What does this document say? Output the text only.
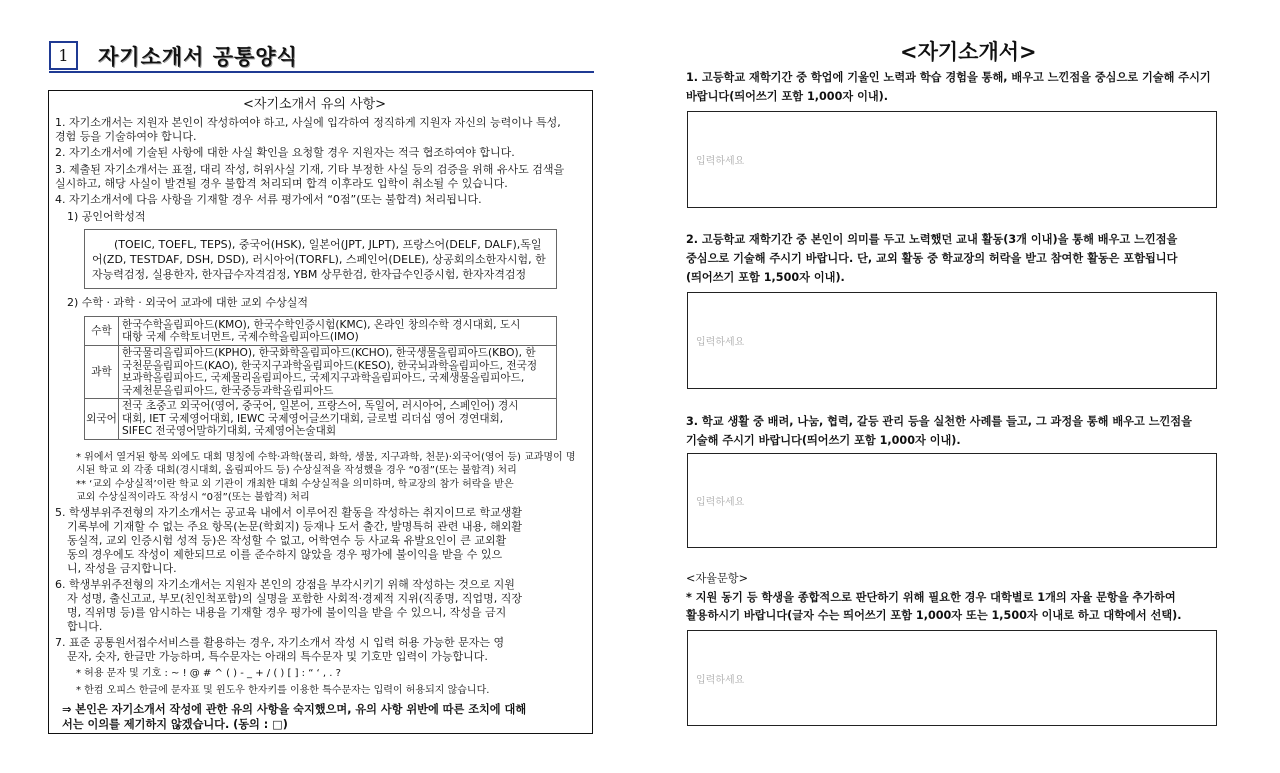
1	자기소개서 공통양식
<자기소개서 유의 사항>
1. 자기소개서는 지원자 본인이 작성하여야 하고, 사실에 입각하여 정직하게 지원자 자신의 능력이나 특성,
경험 등을 기술하여야 합니다.
2. 자기소개서에 기술된 사항에 대한 사실 확인을 요청할 경우 지원자는 적극 협조하여야 합니다.
3. 제출된 자기소개서는 표절, 대리 작성, 허위사실 기재, 기타 부정한 사실 등의 검증을 위해 유사도 검색을
실시하고, 해당 사실이 발견될 경우 불합격 처리되며 합격 이후라도 입학이 취소될 수 있습니다.
4. 자기소개서에 다음 사항을 기재할 경우 서류 평가에서 “0점”(또는 불합격) 처리됩니다.
1) 공인어학성적
(TOEIC, TOEFL, TEPS), 중국어(HSK), 일본어(JPT, JLPT), 프랑스어(DELF, DALF),독일
어(ZD, TESTDAF, DSH, DSD), 러시아어(TORFL), 스페인어(DELE), 상공회의소한자시험, 한
자능력검정, 실용한자, 한자급수자격검정, YBM 상무한검, 한자급수인증시험, 한자자격검정
2) 수학 · 과학 · 외국어 교과에 대한 교외 수상실적
수학	한국수학올림피아드(KMO), 한국수학인증시험(KMC), 온라인 창의수학 경시대회, 도시
대항 국제 수학토너먼트, 국제수학올림피아드(IMO)

과학	한국물리올림피아드(KPHO), 한국화학올림피아드(KCHO), 한국생물올림피아드(KBO), 한
국천문올림피아드(KAO), 한국지구과학올림피아드(KESO), 한국뇌과학올림피아드, 전국정
보과학올림피아드, 국제물리올림피아드, 국제지구과학올림피아드, 국제생물올림피아드,
국제천문올림피아드, 한국중등과학올림피아드

외국어	전국 초중고 외국어(영어, 중국어, 일본어, 프랑스어, 독일어, 러시아어, 스페인어) 경시
대회, IET 국제영어대회, IEWC 국제영어글쓰기대회, 글로벌 리더십 영어 경연대회,
SIFEC 전국영어말하기대회, 국제영어논술대회
* 위에서 열거된 항목 외에도 대회 명칭에 수학·과학(물리, 화학, 생물, 지구과학, 천문)·외국어(영어 등) 교과명이 명
시된 학교 외 각종 대회(경시대회, 올림피아드 등) 수상실적을 작성했을 경우 “0점”(또는 불합격) 처리
** ‘교외 수상실적’이란 학교 외 기관이 개최한 대회 수상실적을 의미하며, 학교장의 참가 허락을 받은
교외 수상실적이라도 작성시 “0점”(또는 불합격) 처리
5. 학생부위주전형의 자기소개서는 공교육 내에서 이루어진 활동을 작성하는 취지이므로 학교생활
기록부에 기재할 수 없는 주요 항목(논문(학회지) 등재나 도서 출간, 발명특허 관련 내용, 해외활
동실적, 교외 인증시험 성적 등)은 작성할 수 없고, 어학연수 등 사교육 유발요인이 큰 교외활
동의 경우에도 작성이 제한되므로 이를 준수하지 않았을 경우 평가에 불이익을 받을 수 있으
니, 작성을 금지합니다.
6. 학생부위주전형의 자기소개서는 지원자 본인의 강점을 부각시키기 위해 작성하는 것으로 지원
자 성명, 출신고교, 부모(친인척포함)의 실명을 포함한 사회적·경제적 지위(직종명, 직업명, 직장
명, 직위명 등)를 암시하는 내용을 기재할 경우 평가에 불이익을 받을 수 있으니, 작성을 금지
합니다.
7. 표준 공통원서접수서비스를 활용하는 경우, 자기소개서 작성 시 입력 허용 가능한 문자는 영
문자, 숫자, 한글만 가능하며, 특수문자는 아래의 특수문자 및 기호만 입력이 가능합니다.
* 허용 문자 및 기호 : ~ ! @ # ^ ( ) - _ + / ( ) [ ] : “ ‘ , . ?
* 한컴 오피스 한글에 문자표 및 윈도우 한자키를 이용한 특수문자는 입력이 허용되지 않습니다.
⇒ 본인은 자기소개서 작성에 관한 유의 사항을 숙지했으며, 유의 사항 위반에 따른 조치에 대해
서는 이의를 제기하지 않겠습니다. (동의 : □)
<자기소개서>
1. 고등학교 재학기간 중 학업에 기울인 노력과 학습 경험을 통해, 배우고 느낀점을 중심으로 기술해 주시기
바랍니다(띄어쓰기 포함 1,000자 이내).
입력하세요
2. 고등학교 재학기간 중 본인이 의미를 두고 노력했던 교내 활동(3개 이내)을 통해 배우고 느낀점을
중심으로 기술해 주시기 바랍니다. 단, 교외 활동 중 학교장의 허락을 받고 참여한 활동은 포함됩니다
(띄어쓰기 포함 1,500자 이내).
입력하세요
3. 학교 생활 중 배려, 나눔, 협력, 갈등 관리 등을 실천한 사례를 들고, 그 과정을 통해 배우고 느낀점을
기술해 주시기 바랍니다(띄어쓰기 포함 1,000자 이내).
입력하세요
<자율문항>
* 지원 동기 등 학생을 종합적으로 판단하기 위해 필요한 경우 대학별로 1개의 자율 문항을 추가하여
활용하시기 바랍니다(글자 수는 띄어쓰기 포함 1,000자 또는 1,500자 이내로 하고 대학에서 선택).
입력하세요
